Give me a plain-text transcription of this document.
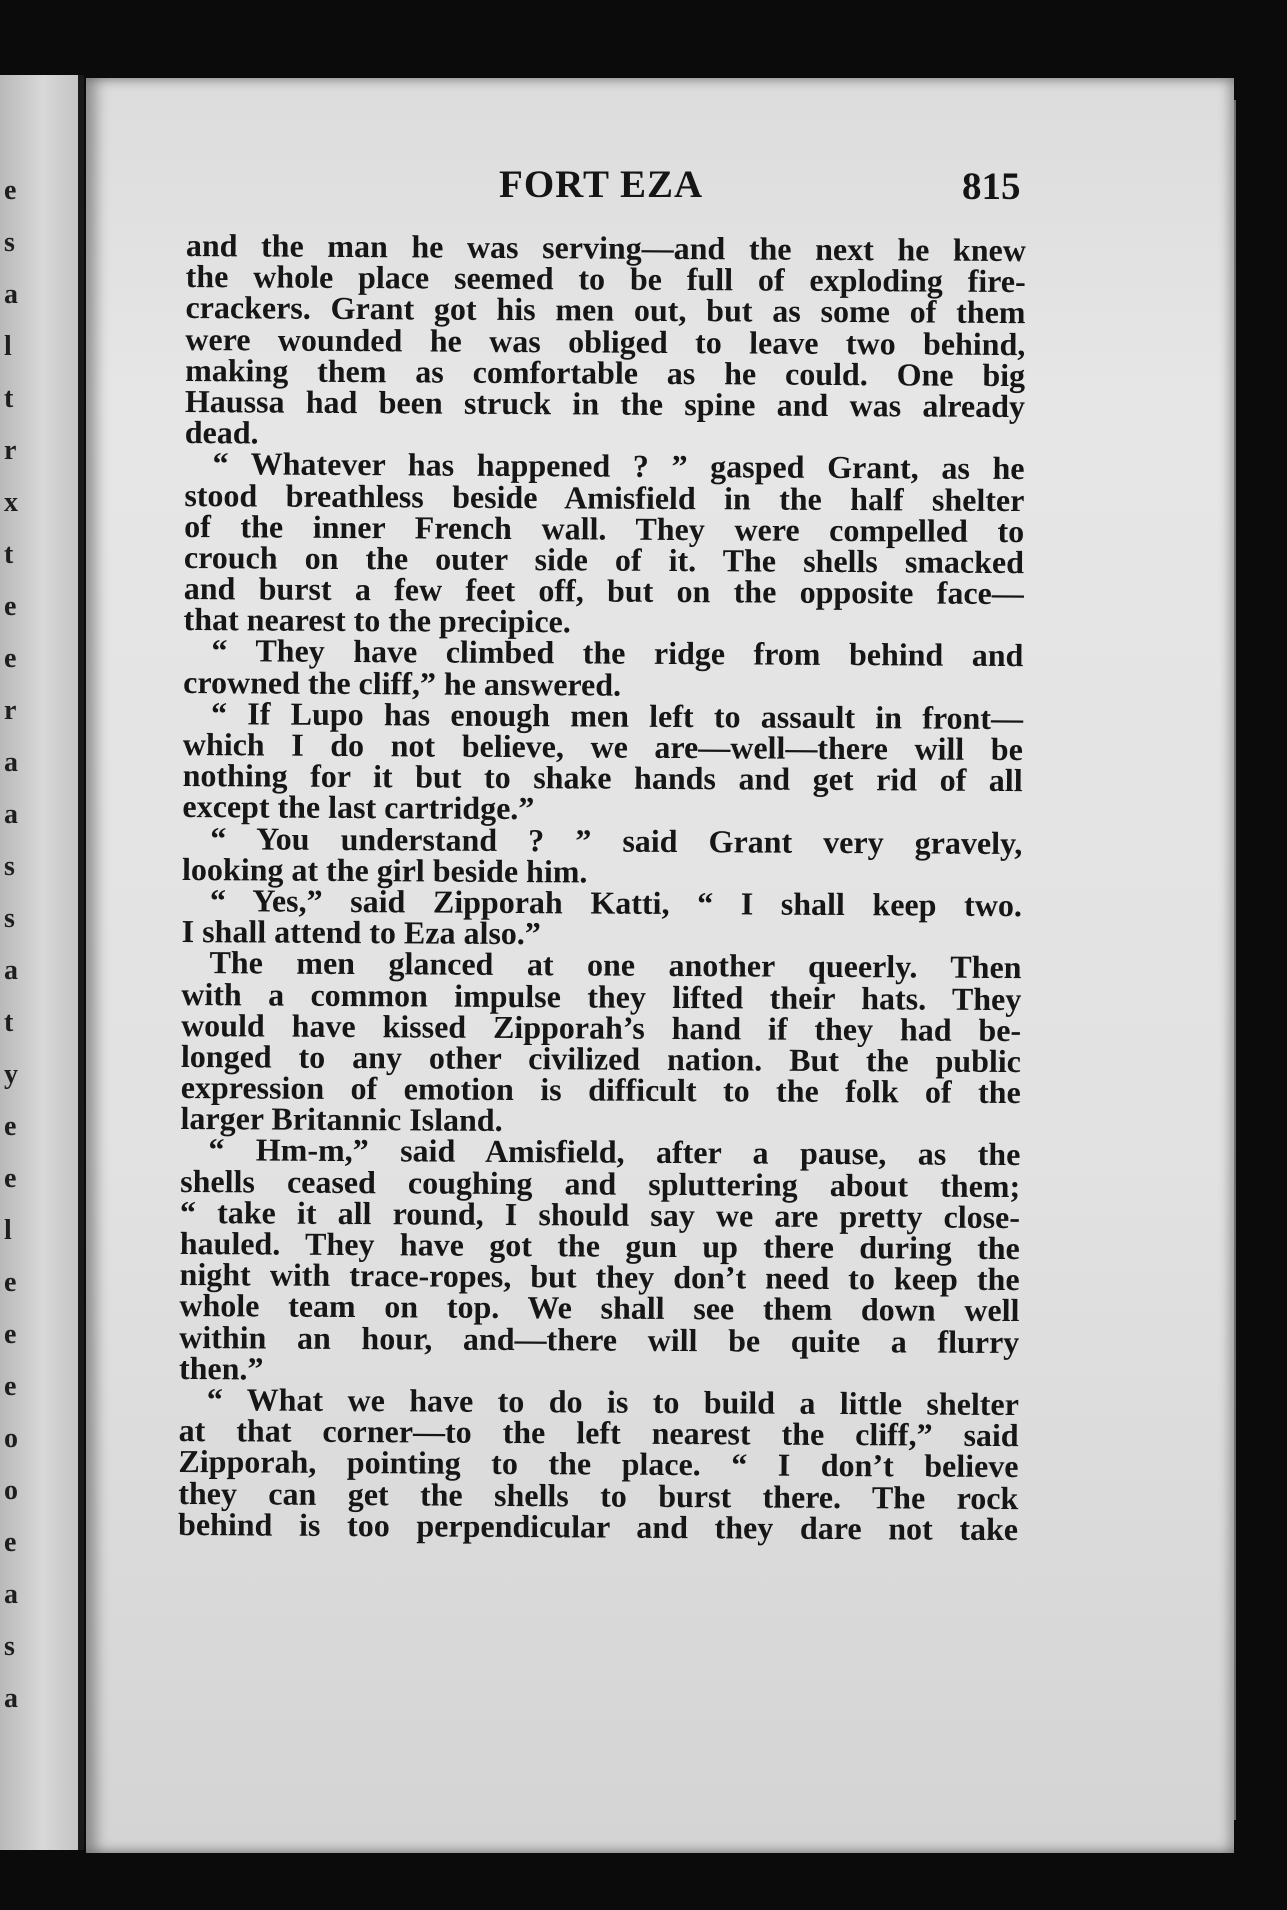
e
s
a
l
t
r
x
t
e
e
r
a
a
s
s
a
t
y
e
e
l
e
e
e
o
o
e
a
s
a
FORT EZA	815
and the man he was serving—and the next he knew
the whole place seemed to be full of exploding fire-
crackers. Grant got his men out, but as some of them
were wounded he was obliged to leave two behind,
making them as comfortable as he could. One big
Haussa had been struck in the spine and was already
dead.
“ Whatever has happened ? ” gasped Grant, as he
stood breathless beside Amisfield in the half shelter
of the inner French wall. They were compelled to
crouch on the outer side of it. The shells smacked
and burst a few feet off, but on the opposite face—
that nearest to the precipice.
“ They have climbed the ridge from behind and
crowned the cliff,” he answered.
“ If Lupo has enough men left to assault in front—
which I do not believe, we are—well—there will be
nothing for it but to shake hands and get rid of all
except the last cartridge.”
“ You understand ? ” said Grant very gravely,
looking at the girl beside him.
“ Yes,” said Zipporah Katti, “ I shall keep two.
I shall attend to Eza also.”
The men glanced at one another queerly. Then
with a common impulse they lifted their hats. They
would have kissed Zipporah’s hand if they had be-
longed to any other civilized nation. But the public
expression of emotion is difficult to the folk of the
larger Britannic Island.
“ Hm-m,” said Amisfield, after a pause, as the
shells ceased coughing and spluttering about them;
“ take it all round, I should say we are pretty close-
hauled. They have got the gun up there during the
night with trace-ropes, but they don’t need to keep the
whole team on top. We shall see them down well
within an hour, and—there will be quite a flurry
then.”
“ What we have to do is to build a little shelter
at that corner—to the left nearest the cliff,” said
Zipporah, pointing to the place. “ I don’t believe
they can get the shells to burst there. The rock
behind is too perpendicular and they dare not take
